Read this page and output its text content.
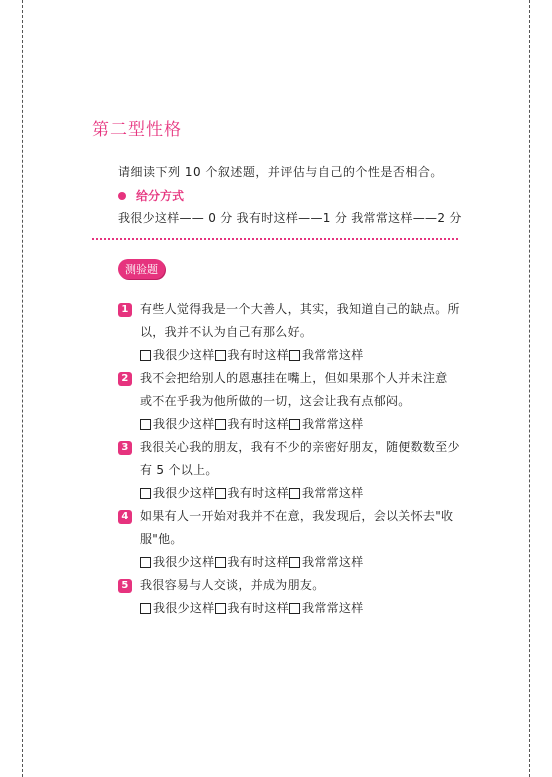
第二型性格
请细读下列 10 个叙述题，并评估与自己的个性是否相合。
给分方式
我很少这样—— 0 分 我有时这样——1 分 我常常这样——2 分
测验题
1 有些人觉得我是一个大善人，其实，我知道自己的缺点。所
以，我并不认为自己有那么好。
我很少这样 我有时这样 我常常这样
2 我不会把给别人的恩惠挂在嘴上，但如果那个人并未注意
或不在乎我为他所做的一切，这会让我有点郁闷。
我很少这样 我有时这样 我常常这样
3 我很关心我的朋友，我有不少的亲密好朋友，随便数数至少
有 5 个以上。
我很少这样 我有时这样 我常常这样
4 如果有人一开始对我并不在意，我发现后，会以关怀去"收
服"他。
我很少这样 我有时这样 我常常这样
5 我很容易与人交谈，并成为朋友。
我很少这样 我有时这样 我常常这样
